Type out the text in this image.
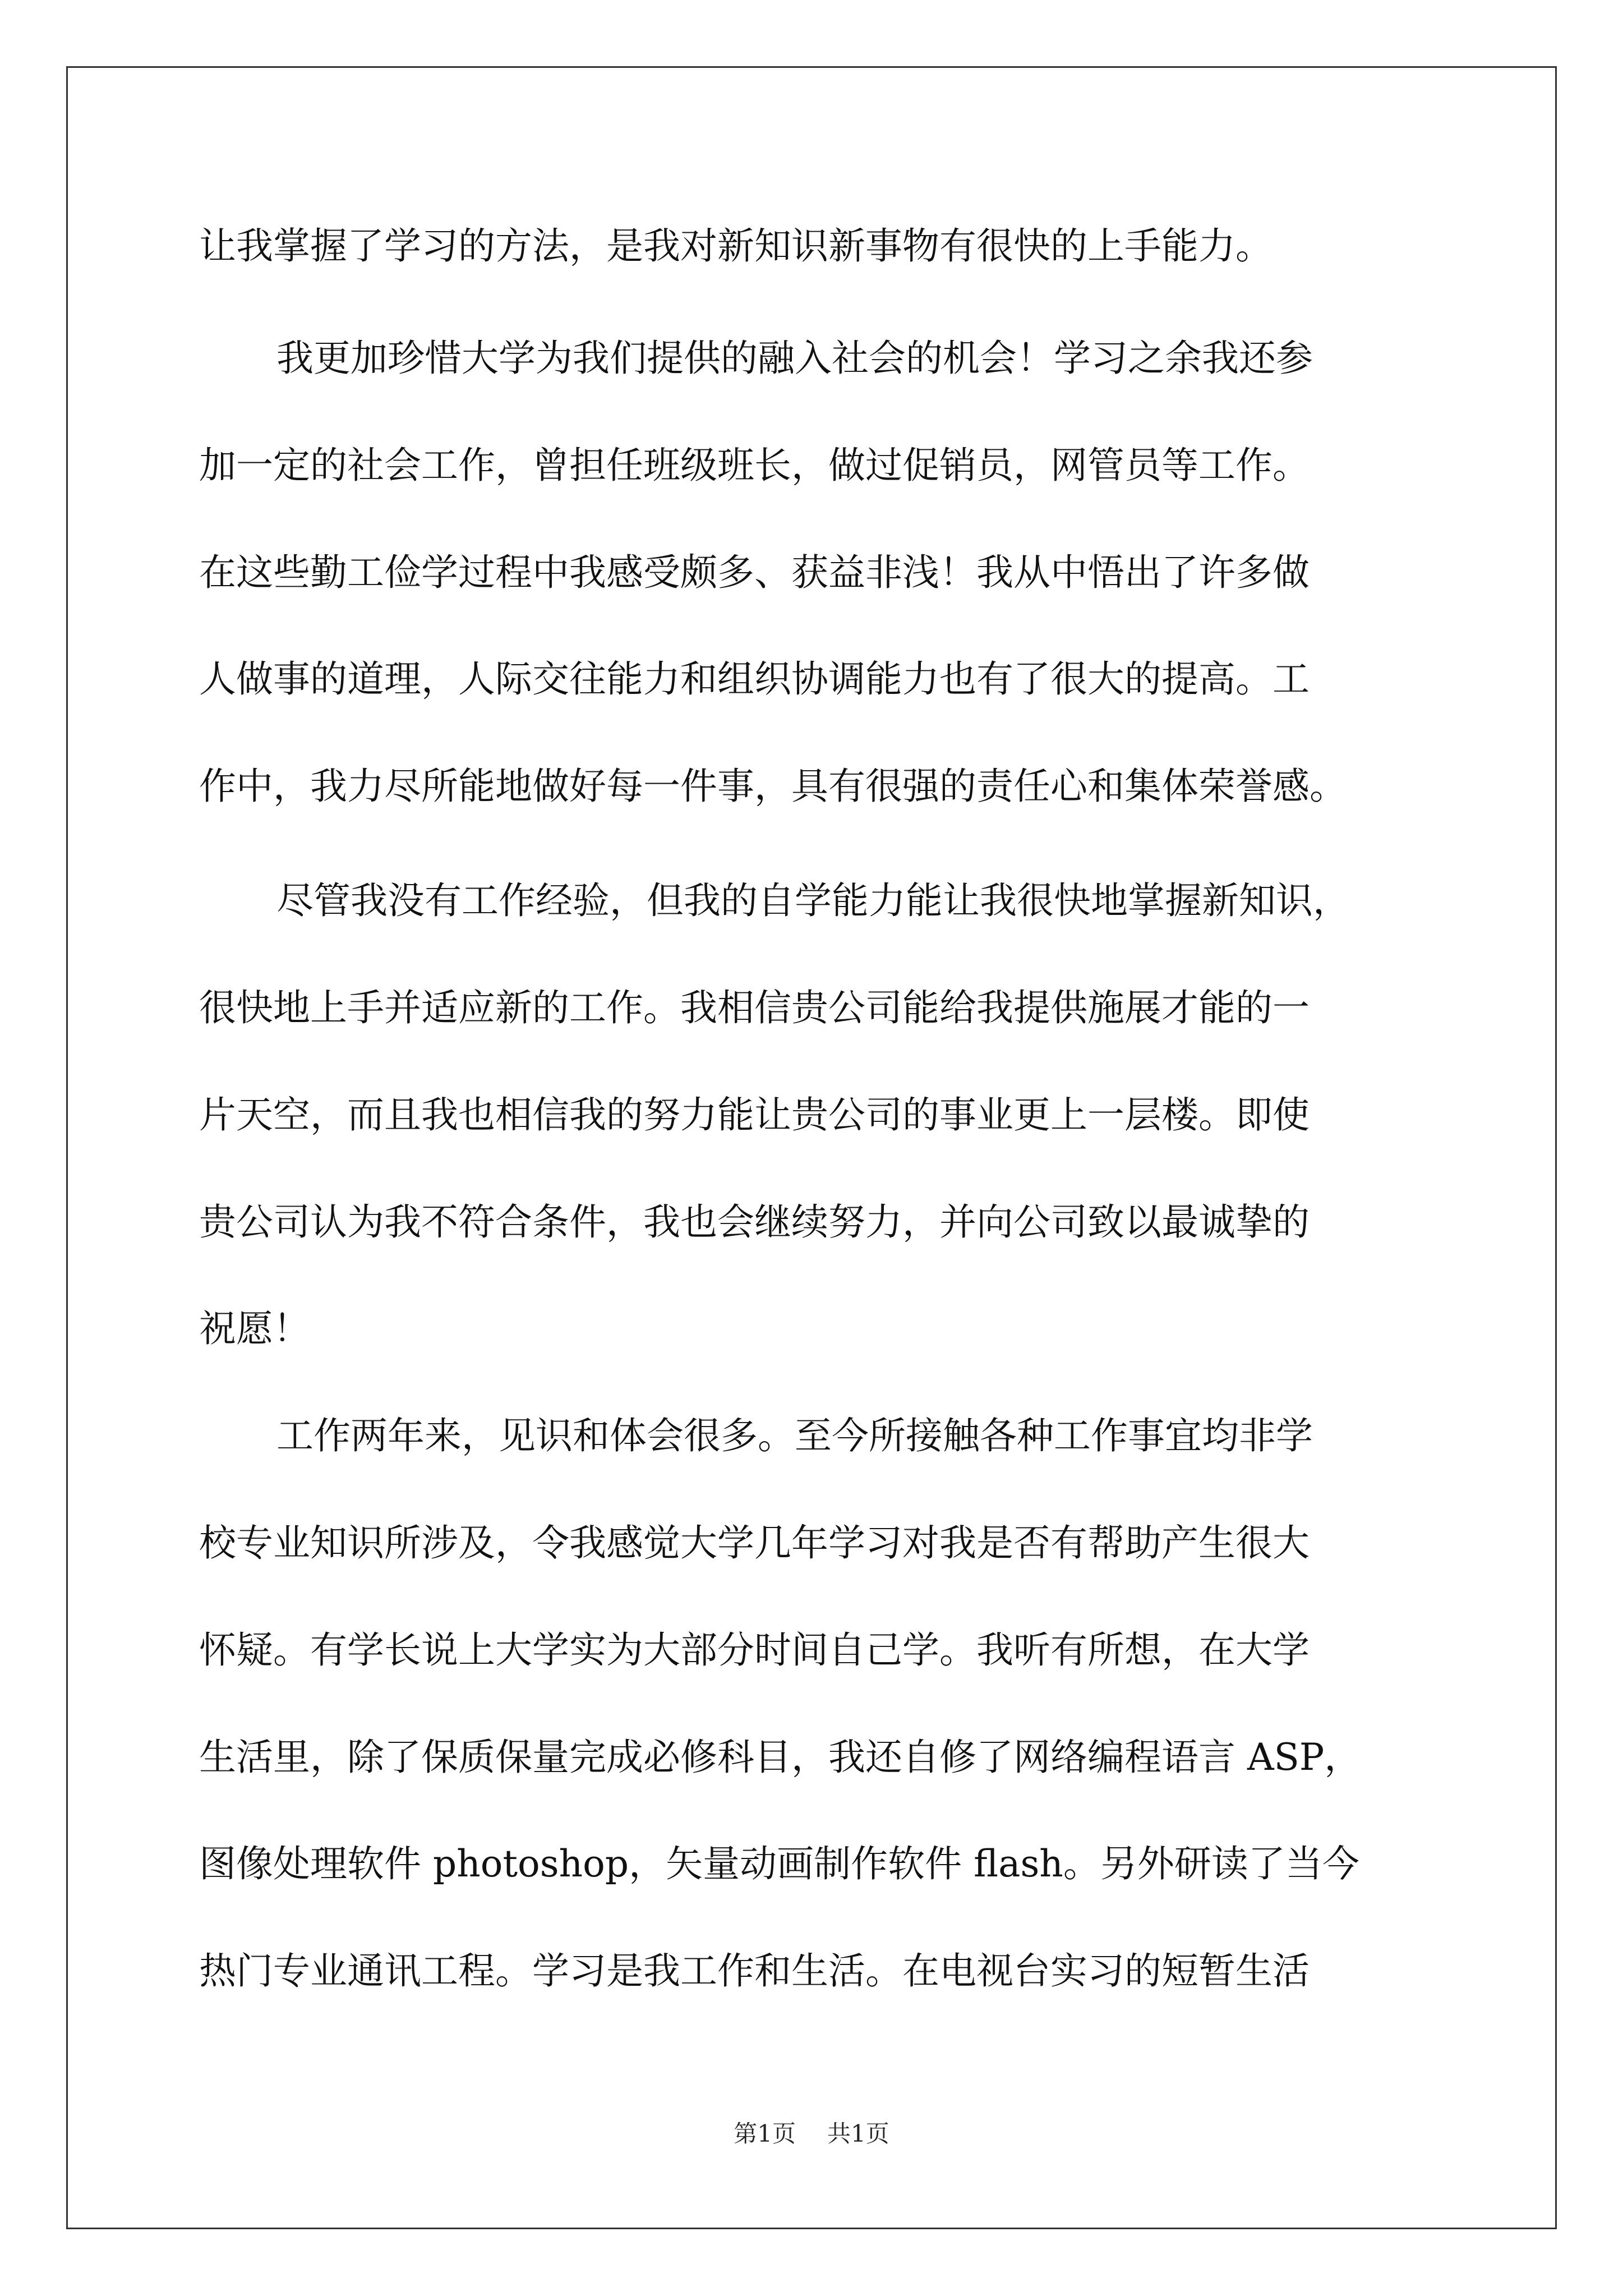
让我掌握了学习的方法，是我对新知识新事物有很快的上手能力。
我更加珍惜大学为我们提供的融入社会的机会！学习之余我还参
加一定的社会工作，曾担任班级班长，做过促销员，网管员等工作。
在这些勤工俭学过程中我感受颇多、获益非浅！我从中悟出了许多做
人做事的道理，人际交往能力和组织协调能力也有了很大的提高。工
作中，我力尽所能地做好每一件事，具有很强的责任心和集体荣誉感。
尽管我没有工作经验，但我的自学能力能让我很快地掌握新知识，
很快地上手并适应新的工作。我相信贵公司能给我提供施展才能的一
片天空，而且我也相信我的努力能让贵公司的事业更上一层楼。即使
贵公司认为我不符合条件，我也会继续努力，并向公司致以最诚挚的
祝愿！
工作两年来，见识和体会很多。至今所接触各种工作事宜均非学
校专业知识所涉及，令我感觉大学几年学习对我是否有帮助产生很大
怀疑。有学长说上大学实为大部分时间自己学。我听有所想，在大学
生活里，除了保质保量完成必修科目，我还自修了网络编程语言 ASP，
图像处理软件 photoshop，矢量动画制作软件 flash。另外研读了当今
热门专业通讯工程。学习是我工作和生活。在电视台实习的短暂生活
第1页 共1页
